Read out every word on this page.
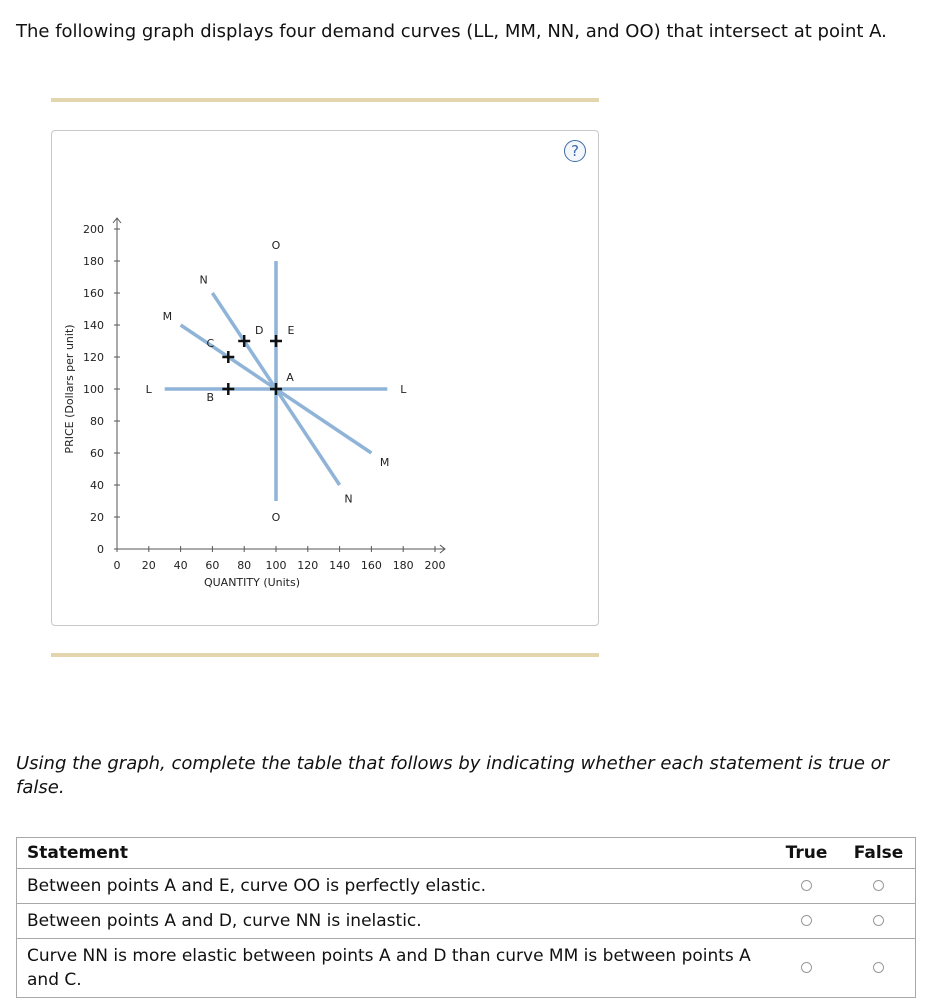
The following graph displays four demand curves (LL, MM, NN, and OO) that intersect at point A.
?
0
20
40
60
80
100
120
140
160
180
200
0 20 40 60 80 100 120 140 160 180 200
QUANTITY (Units)
PRICE (Dollars per unit)	L	L
M
M
N
N
O
O
A
B
C
D E
Using the graph, complete the table that follows by indicating whether each statement is true or false.
Statement	True	False
Between points A and E, curve OO is perfectly elastic.		
Between points A and D, curve NN is inelastic.		
Curve NN is more elastic between points A and D than curve MM is between points A and C.		
